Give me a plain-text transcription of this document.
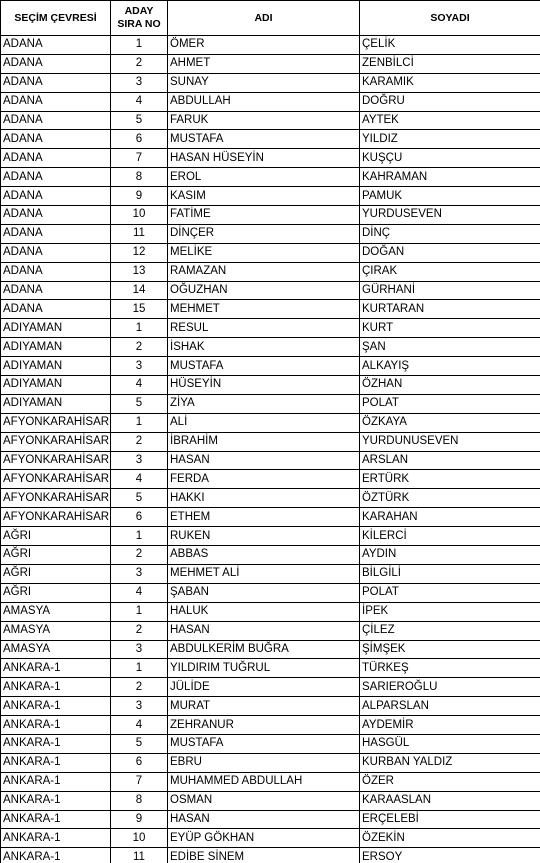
SEÇİM ÇEVRESİ	ADAY SIRA NO	ADI	SOYADI
ADANA	1	ÖMER	ÇELİK
ADANA	2	AHMET	ZENBİLCİ
ADANA	3	SUNAY	KARAMIK
ADANA	4	ABDULLAH	DOĞRU
ADANA	5	FARUK	AYTEK
ADANA	6	MUSTAFA	YILDIZ
ADANA	7	HASAN HÜSEYİN	KUŞÇU
ADANA	8	EROL	KAHRAMAN
ADANA	9	KASIM	PAMUK
ADANA	10	FATİME	YURDUSEVEN
ADANA	11	DİNÇER	DİNÇ
ADANA	12	MELİKE	DOĞAN
ADANA	13	RAMAZAN	ÇIRAK
ADANA	14	OĞUZHAN	GÜRHANİ
ADANA	15	MEHMET	KURTARAN
ADIYAMAN	1	RESUL	KURT
ADIYAMAN	2	İSHAK	ŞAN
ADIYAMAN	3	MUSTAFA	ALKAYIŞ
ADIYAMAN	4	HÜSEYİN	ÖZHAN
ADIYAMAN	5	ZİYA	POLAT
AFYONKARAHİSAR	1	ALİ	ÖZKAYA
AFYONKARAHİSAR	2	İBRAHİM	YURDUNUSEVEN
AFYONKARAHİSAR	3	HASAN	ARSLAN
AFYONKARAHİSAR	4	FERDA	ERTÜRK
AFYONKARAHİSAR	5	HAKKI	ÖZTÜRK
AFYONKARAHİSAR	6	ETHEM	KARAHAN
AĞRI	1	RUKEN	KİLERCİ
AĞRI	2	ABBAS	AYDIN
AĞRI	3	MEHMET ALİ	BİLGİLİ
AĞRI	4	ŞABAN	POLAT
AMASYA	1	HALUK	İPEK
AMASYA	2	HASAN	ÇİLEZ
AMASYA	3	ABDULKERİM BUĞRA	ŞİMŞEK
ANKARA-1	1	YILDIRIM TUĞRUL	TÜRKEŞ
ANKARA-1	2	JÜLİDE	SARIEROĞLU
ANKARA-1	3	MURAT	ALPARSLAN
ANKARA-1	4	ZEHRANUR	AYDEMİR
ANKARA-1	5	MUSTAFA	HASGÜL
ANKARA-1	6	EBRU	KURBAN YALDIZ
ANKARA-1	7	MUHAMMED ABDULLAH	ÖZER
ANKARA-1	8	OSMAN	KARAASLAN
ANKARA-1	9	HASAN	ERÇELEBİ
ANKARA-1	10	EYÜP GÖKHAN	ÖZEKİN
ANKARA-1	11	EDİBE SİNEM	ERSOY
